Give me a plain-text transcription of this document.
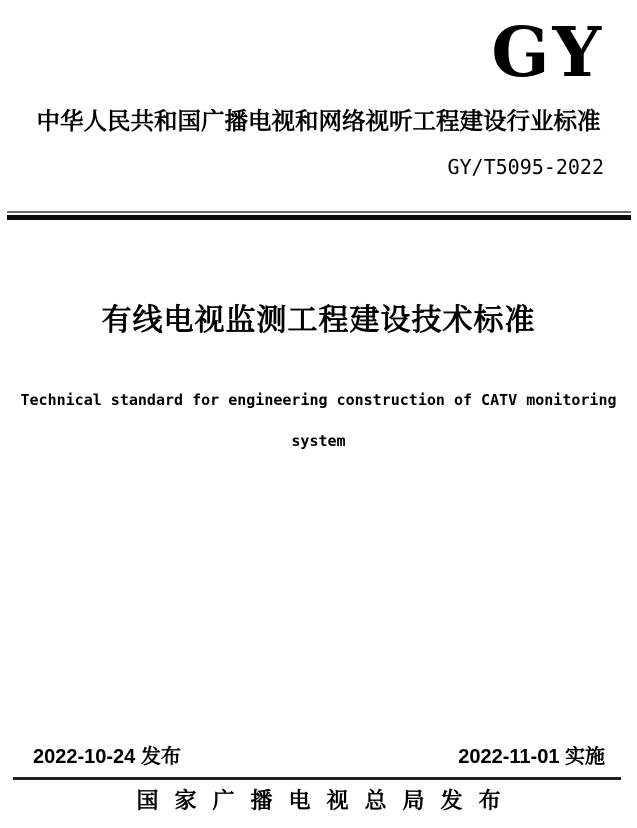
GY
中华人民共和国广播电视和网络视听工程建设行业标准
GY/T5095-2022
有线电视监测工程建设技术标准
Technical standard for engineering construction of CATV monitoring
system
2022-10-24 发布	2022-11-01 实施
国家广播电视总局发布
